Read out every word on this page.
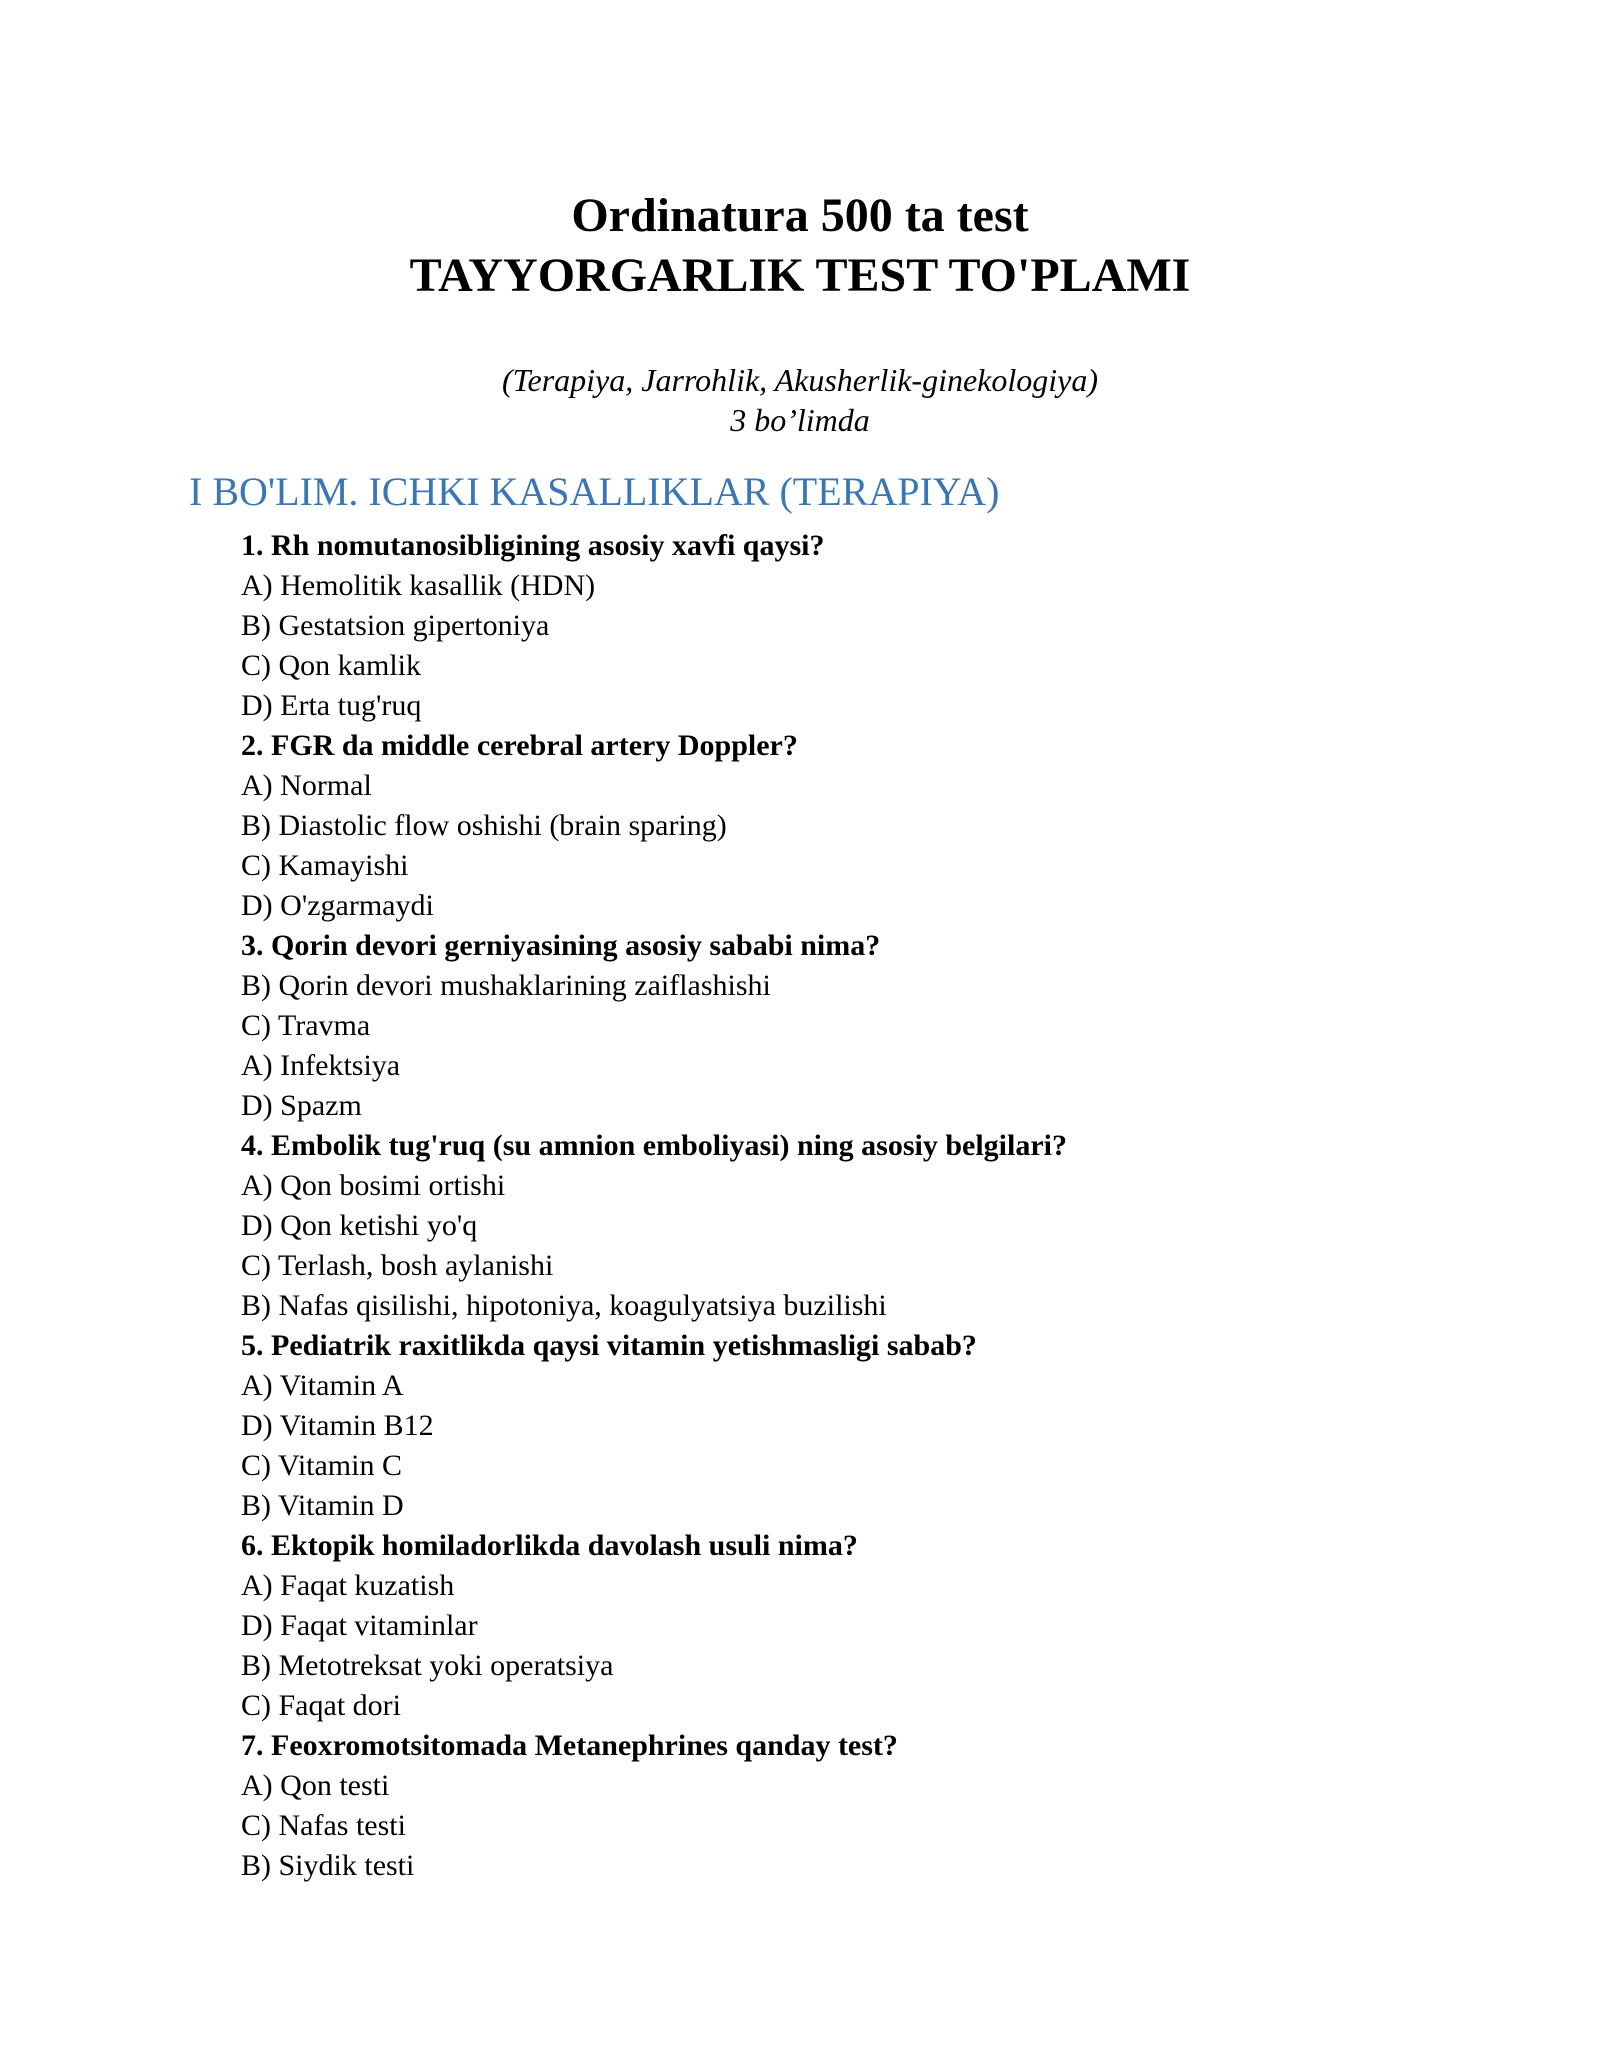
Ordinatura 500 ta test
TAYYORGARLIK TEST TO'PLAMI
(Terapiya, Jarrohlik, Akusherlik-ginekologiya)
3 bo’limda
I BO'LIM. ICHKI KASALLIKLAR (TERAPIYA)
1. Rh nomutanosibligining asosiy xavfi qaysi?
A) Hemolitik kasallik (HDN)
B) Gestatsion gipertoniya
C) Qon kamlik
D) Erta tug'ruq
2. FGR da middle cerebral artery Doppler?
A) Normal
B) Diastolic flow oshishi (brain sparing)
C) Kamayishi
D) O'zgarmaydi
3. Qorin devori gerniyasining asosiy sababi nima?
B) Qorin devori mushaklarining zaiflashishi
C) Travma
A) Infektsiya
D) Spazm
4. Embolik tug'ruq (su amnion emboliyasi) ning asosiy belgilari?
A) Qon bosimi ortishi
D) Qon ketishi yo'q
C) Terlash, bosh aylanishi
B) Nafas qisilishi, hipotoniya, koagulyatsiya buzilishi
5. Pediatrik raxitlikda qaysi vitamin yetishmasligi sabab?
A) Vitamin A
D) Vitamin B12
C) Vitamin C
B) Vitamin D
6. Ektopik homiladorlikda davolash usuli nima?
A) Faqat kuzatish
D) Faqat vitaminlar
B) Metotreksat yoki operatsiya
C) Faqat dori
7. Feoxromotsitomada Metanephrines qanday test?
A) Qon testi
C) Nafas testi
B) Siydik testi
